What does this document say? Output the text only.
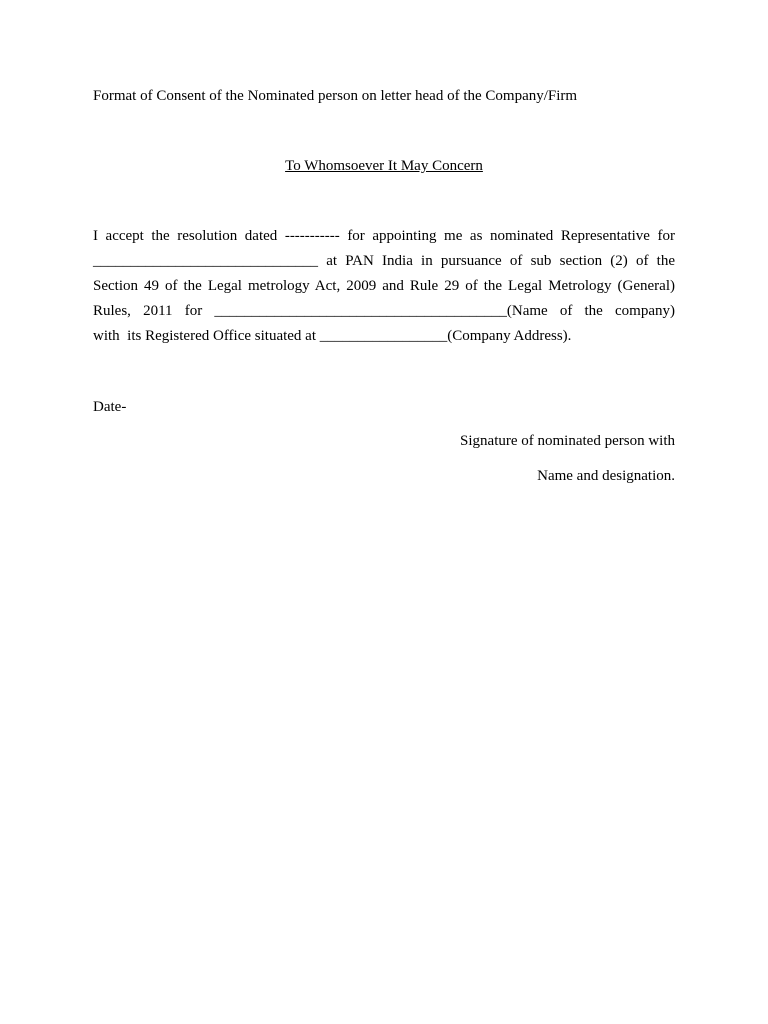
Format of Consent of the Nominated person on letter head of the Company/Firm
To Whomsoever It May Concern
I accept the resolution dated ----------- for appointing me as nominated Representative for
______________________________ at PAN India in pursuance of sub section (2) of the
Section 49 of the Legal metrology Act, 2009 and Rule 29 of the Legal Metrology (General)
Rules, 2011 for _______________________________________(Name of the company)
with  its Registered Office situated at _________________(Company Address).
Date-
Signature of nominated person with
Name and designation.
